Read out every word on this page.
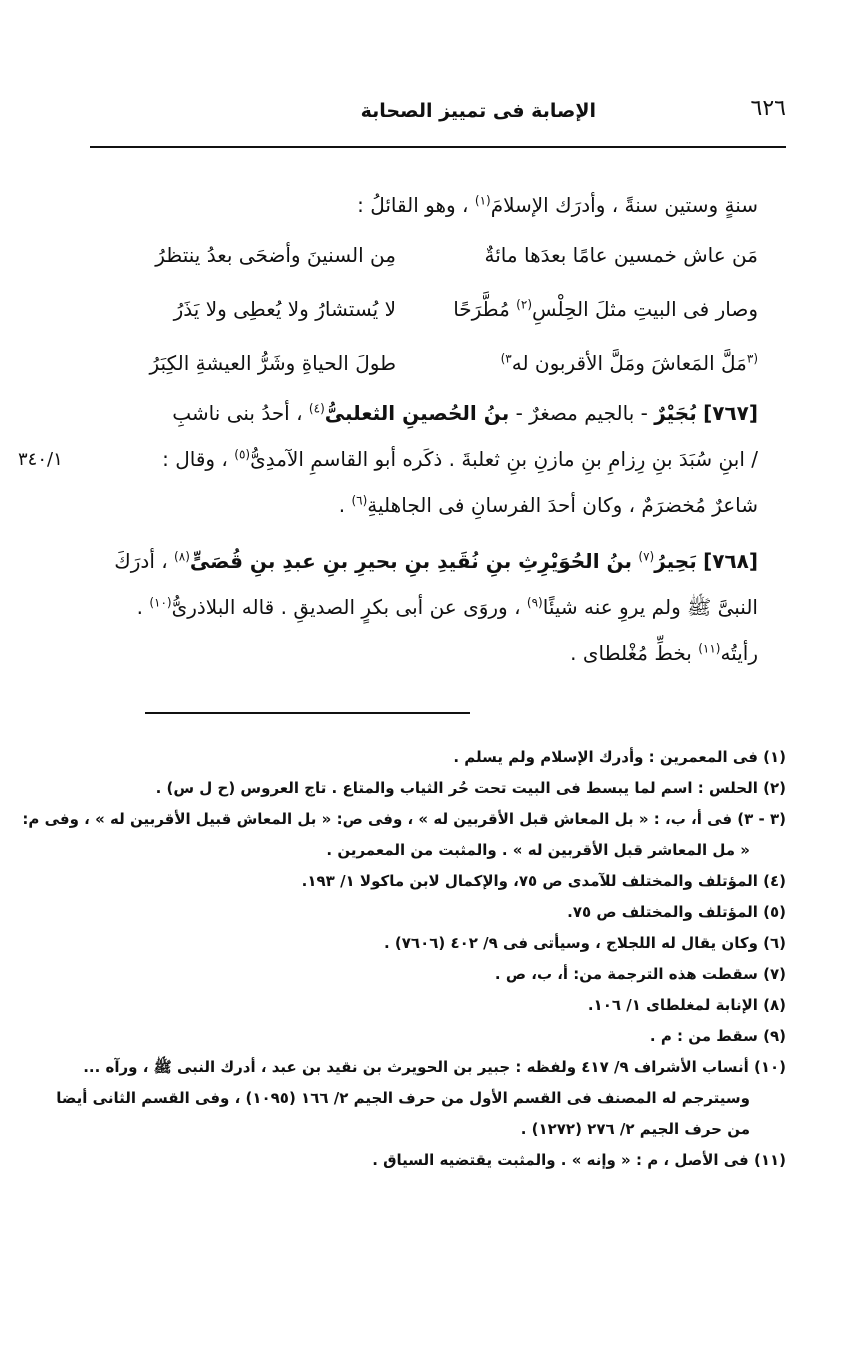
الإصابة فى تمييز الصحابة	٦٢٦
٣٤٠/١
سنةٍ وستين سنةً ، وأدرَك الإسلامَ$^{(١)}$ ، وهو القائلُ :
مَن عاش خمسين عامًا بعدَها مائةٌ
مِن السنينَ وأضحَى بعدُ ينتظرُ
وصار فى البيتِ مثلَ الحِلْسِ$^{(٢)}$ مُطَّرَحًا
لا يُستشارُ ولا يُعطِى ولا يَذَرُ
$^{(٣}$مَلَّ المَعاشَ ومَلَّ الأقربون له$^{٣)}$
طولَ الحياةِ وشَرُّ العيشةِ الكِبَرُ
[٧٦٧] بُجَيْرٌ - بالجيم مصغرٌ - بنُ الحُصينِ الثعلبىُّ$^{(٤)}$ ، أحدُ بنى ناشبِ
/ ابنِ سُبَدَ بنِ رِزامِ بنِ مازنِ بنِ ثعلبةَ . ذكَره أبو القاسمِ الآمدِىُّ$^{(٥)}$ ، وقال :
شاعرٌ مُخضرَمٌ ، وكان أحدَ الفرسانِ فى الجاهليةِ$^{(٦)}$ .
[٧٦٨] بَحِيرُ$^{(٧)}$ بنُ الحُوَيْرِثِ بنِ نُقَيدِ بنِ بحيرِ بنِ عبدِ بنِ قُصَىٍّ$^{(٨)}$ ، أدرَكَ
النبىَّ ﷺ ولم يروِ عنه شيئًا$^{(٩)}$ ، وروَى عن أبى بكرٍ الصديقِ . قاله البلاذرىُّ$^{(١٠)}$ .
رأيتُه$^{(١١)}$ بخطِّ مُغْلطاى .
(١) فى المعمرين : وأدرك الإسلام ولم يسلم .
(٢) الحلس : اسم لما يبسط فى البيت تحت حُر الثياب والمتاع . تاج العروس (ح ل س) .
(٣ - ٣) فى أ، ب، : « بل المعاش قبل الأقربين له » ، وفى ص: « بل المعاش قبيل الأقربين له » ، وفى م:
« مل المعاشر قبل الأقربين له » . والمثبت من المعمرين .
(٤) المؤتلف والمختلف للآمدى ص ٧٥، والإكمال لابن ماكولا ١/ ١٩٣.
(٥) المؤتلف والمختلف ص ٧٥.
(٦) وكان يقال له اللجلاج ، وسيأتى فى ٩/ ٤٠٢ (٧٦٠٦) .
(٧) سقطت هذه الترجمة من: أ، ب، ص .
(٨) الإنابة لمغلطاى ١/ ١٠٦.
(٩) سقط من : م .
(١٠) أنساب الأشراف ٩/ ٤١٧ ولفظه : جبير بن الحويرث بن نقيد بن عبد ، أدرك النبى ﷺ ، ورآه ...
وسيترجم له المصنف فى القسم الأول من حرف الجيم ٢/ ١٦٦ (١٠٩٥) ، وفى القسم الثانى أيضا
من حرف الجيم ٢/ ٢٧٦ (١٢٧٢) .
(١١) فى الأصل ، م : « وإنه » . والمثبت يقتضيه السياق .
